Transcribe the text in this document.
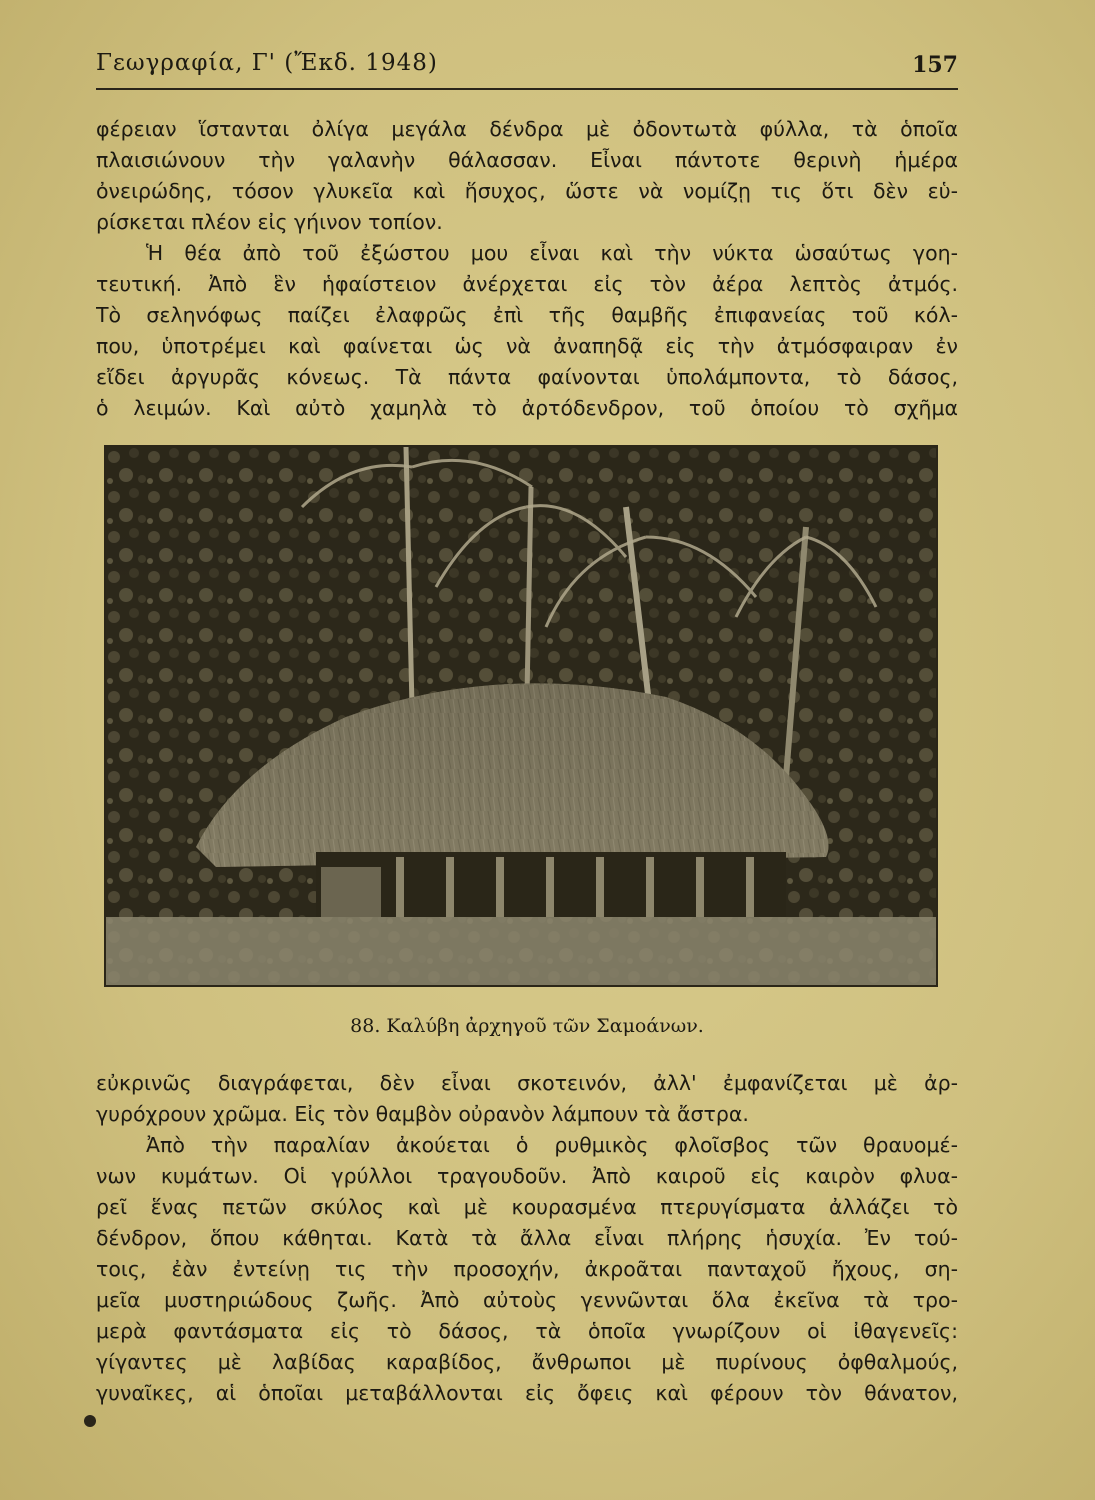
Γεωγραφία, Γ' (Ἔκδ. 1948)	157
φέρειαν ἵστανται ὀλίγα μεγάλα δένδρα μὲ ὀδοντωτὰ φύλλα, τὰ ὁποῖα
πλαισιώνουν τὴν γαλανὴν θάλασσαν. Εἶναι πάντοτε θερινὴ ἡμέρα
ὀνειρώδης, τόσον γλυκεῖα καὶ ἥσυχος, ὥστε νὰ νομίζῃ τις ὅτι δὲν εὑ-
ρίσκεται πλέον εἰς γήινον τοπίον.
Ἡ θέα ἀπὸ τοῦ ἐξώστου μου εἶναι καὶ τὴν νύκτα ὡσαύτως γοη-
τευτική. Ἀπὸ ἓν ἡφαίστειον ἀνέρχεται εἰς τὸν ἀέρα λεπτὸς ἀτμός.
Τὸ σεληνόφως παίζει ἐλαφρῶς ἐπὶ τῆς θαμβῆς ἐπιφανείας τοῦ κόλ-
που, ὑποτρέμει καὶ φαίνεται ὡς νὰ ἀναπηδᾷ εἰς τὴν ἀτμόσφαιραν ἐν
εἴδει ἀργυρᾶς κόνεως. Τὰ πάντα φαίνονται ὑπολάμποντα, τὸ δάσος,
ὁ λειμών. Καὶ αὐτὸ χαμηλὰ τὸ ἀρτόδενδρον, τοῦ ὁποίου τὸ σχῆμα
88. Καλύβη ἀρχηγοῦ τῶν Σαμοάνων.
εὐκρινῶς διαγράφεται, δὲν εἶναι σκοτεινόν, ἀλλ' ἐμφανίζεται μὲ ἀρ-
γυρόχρουν χρῶμα. Εἰς τὸν θαμβὸν οὐρανὸν λάμπουν τὰ ἄστρα.
Ἀπὸ τὴν παραλίαν ἀκούεται ὁ ρυθμικὸς φλοῖσβος τῶν θραυομέ-
νων κυμάτων. Οἱ γρύλλοι τραγουδοῦν. Ἀπὸ καιροῦ εἰς καιρὸν φλυα-
ρεῖ ἕνας πετῶν σκύλος καὶ μὲ κουρασμένα πτερυγίσματα ἀλλάζει τὸ
δένδρον, ὅπου κάθηται. Κατὰ τὰ ἄλλα εἶναι πλήρης ἡσυχία. Ἐν τού-
τοις, ἐὰν ἐντείνῃ τις τὴν προσοχήν, ἀκροᾶται πανταχοῦ ἤχους, ση-
μεῖα μυστηριώδους ζωῆς. Ἀπὸ αὐτοὺς γεννῶνται ὅλα ἐκεῖνα τὰ τρο-
μερὰ φαντάσματα εἰς τὸ δάσος, τὰ ὁποῖα γνωρίζουν οἱ ἰθαγενεῖς:
γίγαντες μὲ λαβίδας καραβίδος, ἄνθρωποι μὲ πυρίνους ὀφθαλμούς,
γυναῖκες, αἱ ὁποῖαι μεταβάλλονται εἰς ὄφεις καὶ φέρουν τὸν θάνατον,
